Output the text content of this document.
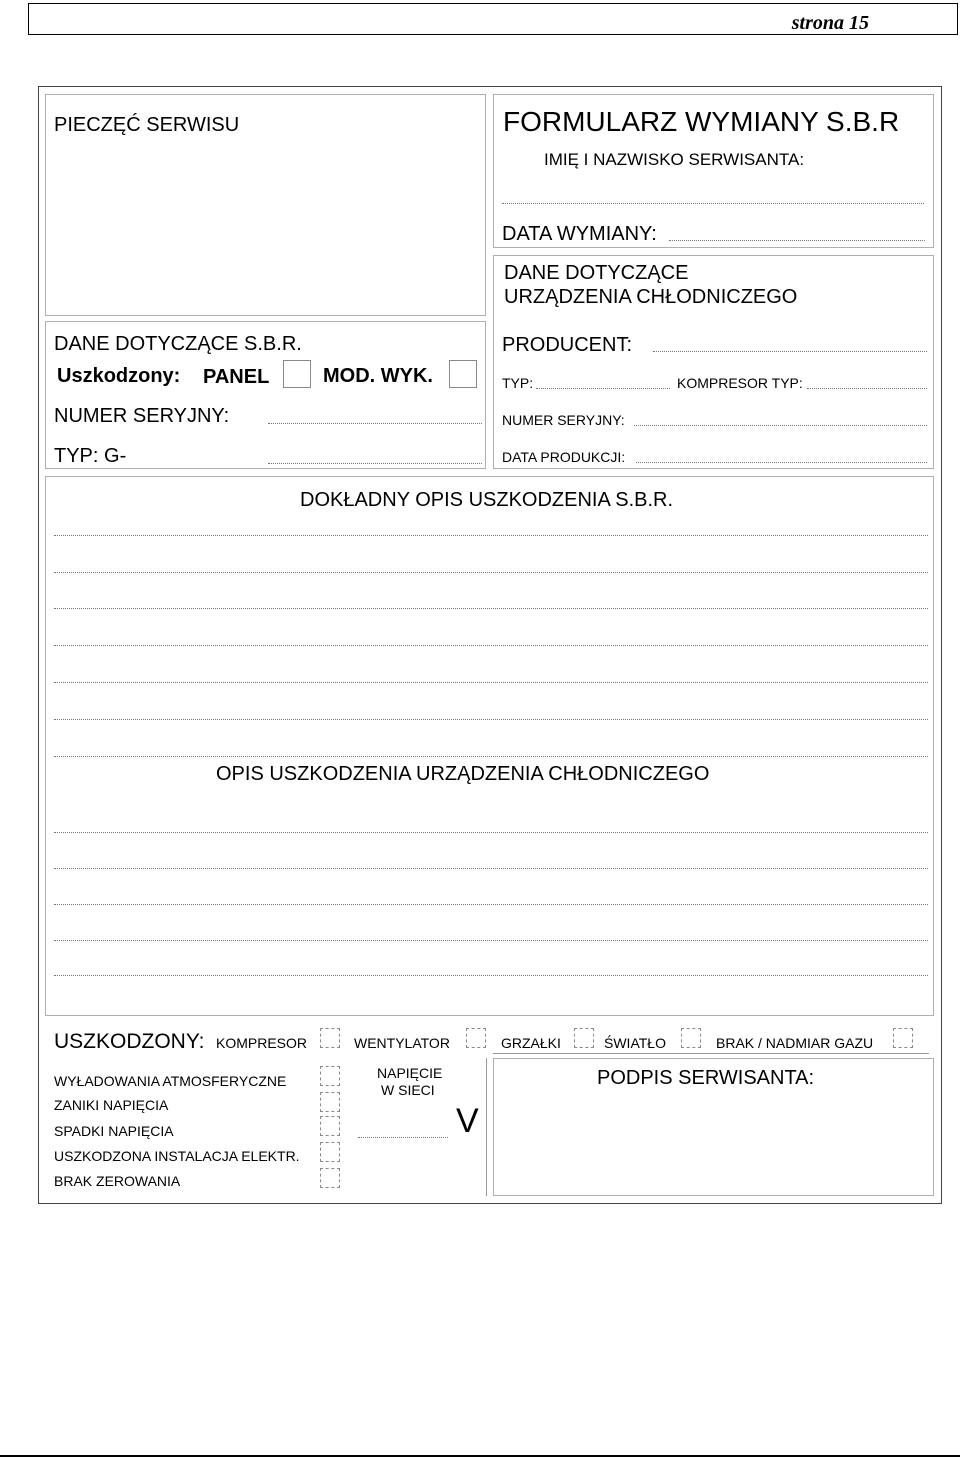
strona 15
PIECZĘĆ SERWISU	FORMULARZ WYMIANY S.B.R
IMIĘ I NAZWISKO SERWISANTA:
DATA WYMIANY:
DANE DOTYCZĄCE S.B.R.
Uszkodzony: PANEL	MOD. WYK.
NUMER SERYJNY:
TYP: G-
DANE DOTYCZĄCE
URZĄDZENIA CHŁODNICZEGO
PRODUCENT:
TYP:	KOMPRESOR TYP:
NUMER SERYJNY:
DATA PRODUKCJI:
DOKŁADNY OPIS USZKODZENIA S.B.R.
OPIS USZKODZENIA URZĄDZENIA CHŁODNICZEGO
USZKODZONY: KOMPRESOR	WENTYLATOR	GRZAŁKI	ŚWIATŁO	BRAK / NADMIAR GAZU
WYŁADOWANIA ATMOSFERYCZNE
ZANIKI NAPIĘCIA
SPADKI NAPIĘCIA
USZKODZONA INSTALACJA ELEKTR.
BRAK ZEROWANIA
NAPIĘCIE
W SIECI
V
PODPIS SERWISANTA:
